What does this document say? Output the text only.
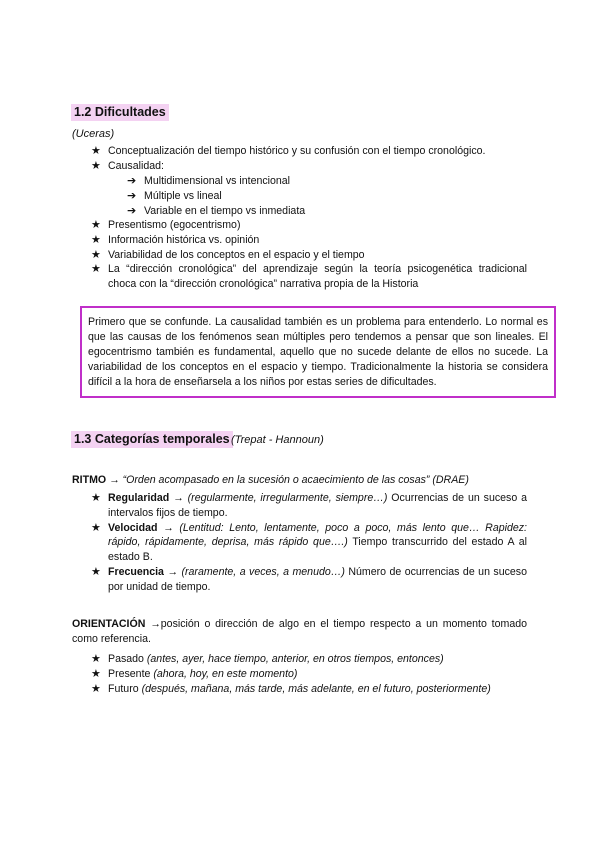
1.2 Dificultades
(Uceras)
★ Conceptualización del tiempo histórico y su confusión con el tiempo cronológico.
★ Causalidad:
➔ Multidimensional vs intencional
➔ Múltiple vs lineal
➔ Variable en el tiempo vs inmediata
★ Presentismo (egocentrismo)
★ Información histórica vs. opinión
★ Variabilidad de los conceptos en el espacio y el tiempo
★ La “dirección cronológica” del aprendizaje según la teoría psicogenética tradicional choca con la “dirección cronológica” narrativa propia de la Historia
Primero que se confunde. La causalidad también es un problema para entenderlo. Lo normal es que las causas de los fenómenos sean múltiples pero tendemos a pensar que son lineales. El egocentrismo también es fundamental, aquello que no sucede delante de ellos no sucede. La variabilidad de los conceptos en el espacio y tiempo. Tradicionalmente la historia se considera difícil a la hora de enseñarsela a los niños por estas series de dificultades.
1.3 Categorías temporales (Trepat - Hannoun)
RITMO → “Orden acompasado en la sucesión o acaecimiento de las cosas” (DRAE)
★ Regularidad → (regularmente, irregularmente, siempre…) Ocurrencias de un suceso a intervalos fijos de tiempo.
★ Velocidad → (Lentitud: Lento, lentamente, poco a poco, más lento que… Rapidez: rápido, rápidamente, deprisa, más rápido que….) Tiempo transcurrido del estado A al estado B.
★ Frecuencia → (raramente, a veces, a menudo…) Número de ocurrencias de un suceso por unidad de tiempo.
ORIENTACIÓN →posición o dirección de algo en el tiempo respecto a un momento tomado como referencia.
★ Pasado (antes, ayer, hace tiempo, anterior, en otros tiempos, entonces)
★ Presente (ahora, hoy, en este momento)
★ Futuro (después, mañana, más tarde, más adelante, en el futuro, posteriormente)
